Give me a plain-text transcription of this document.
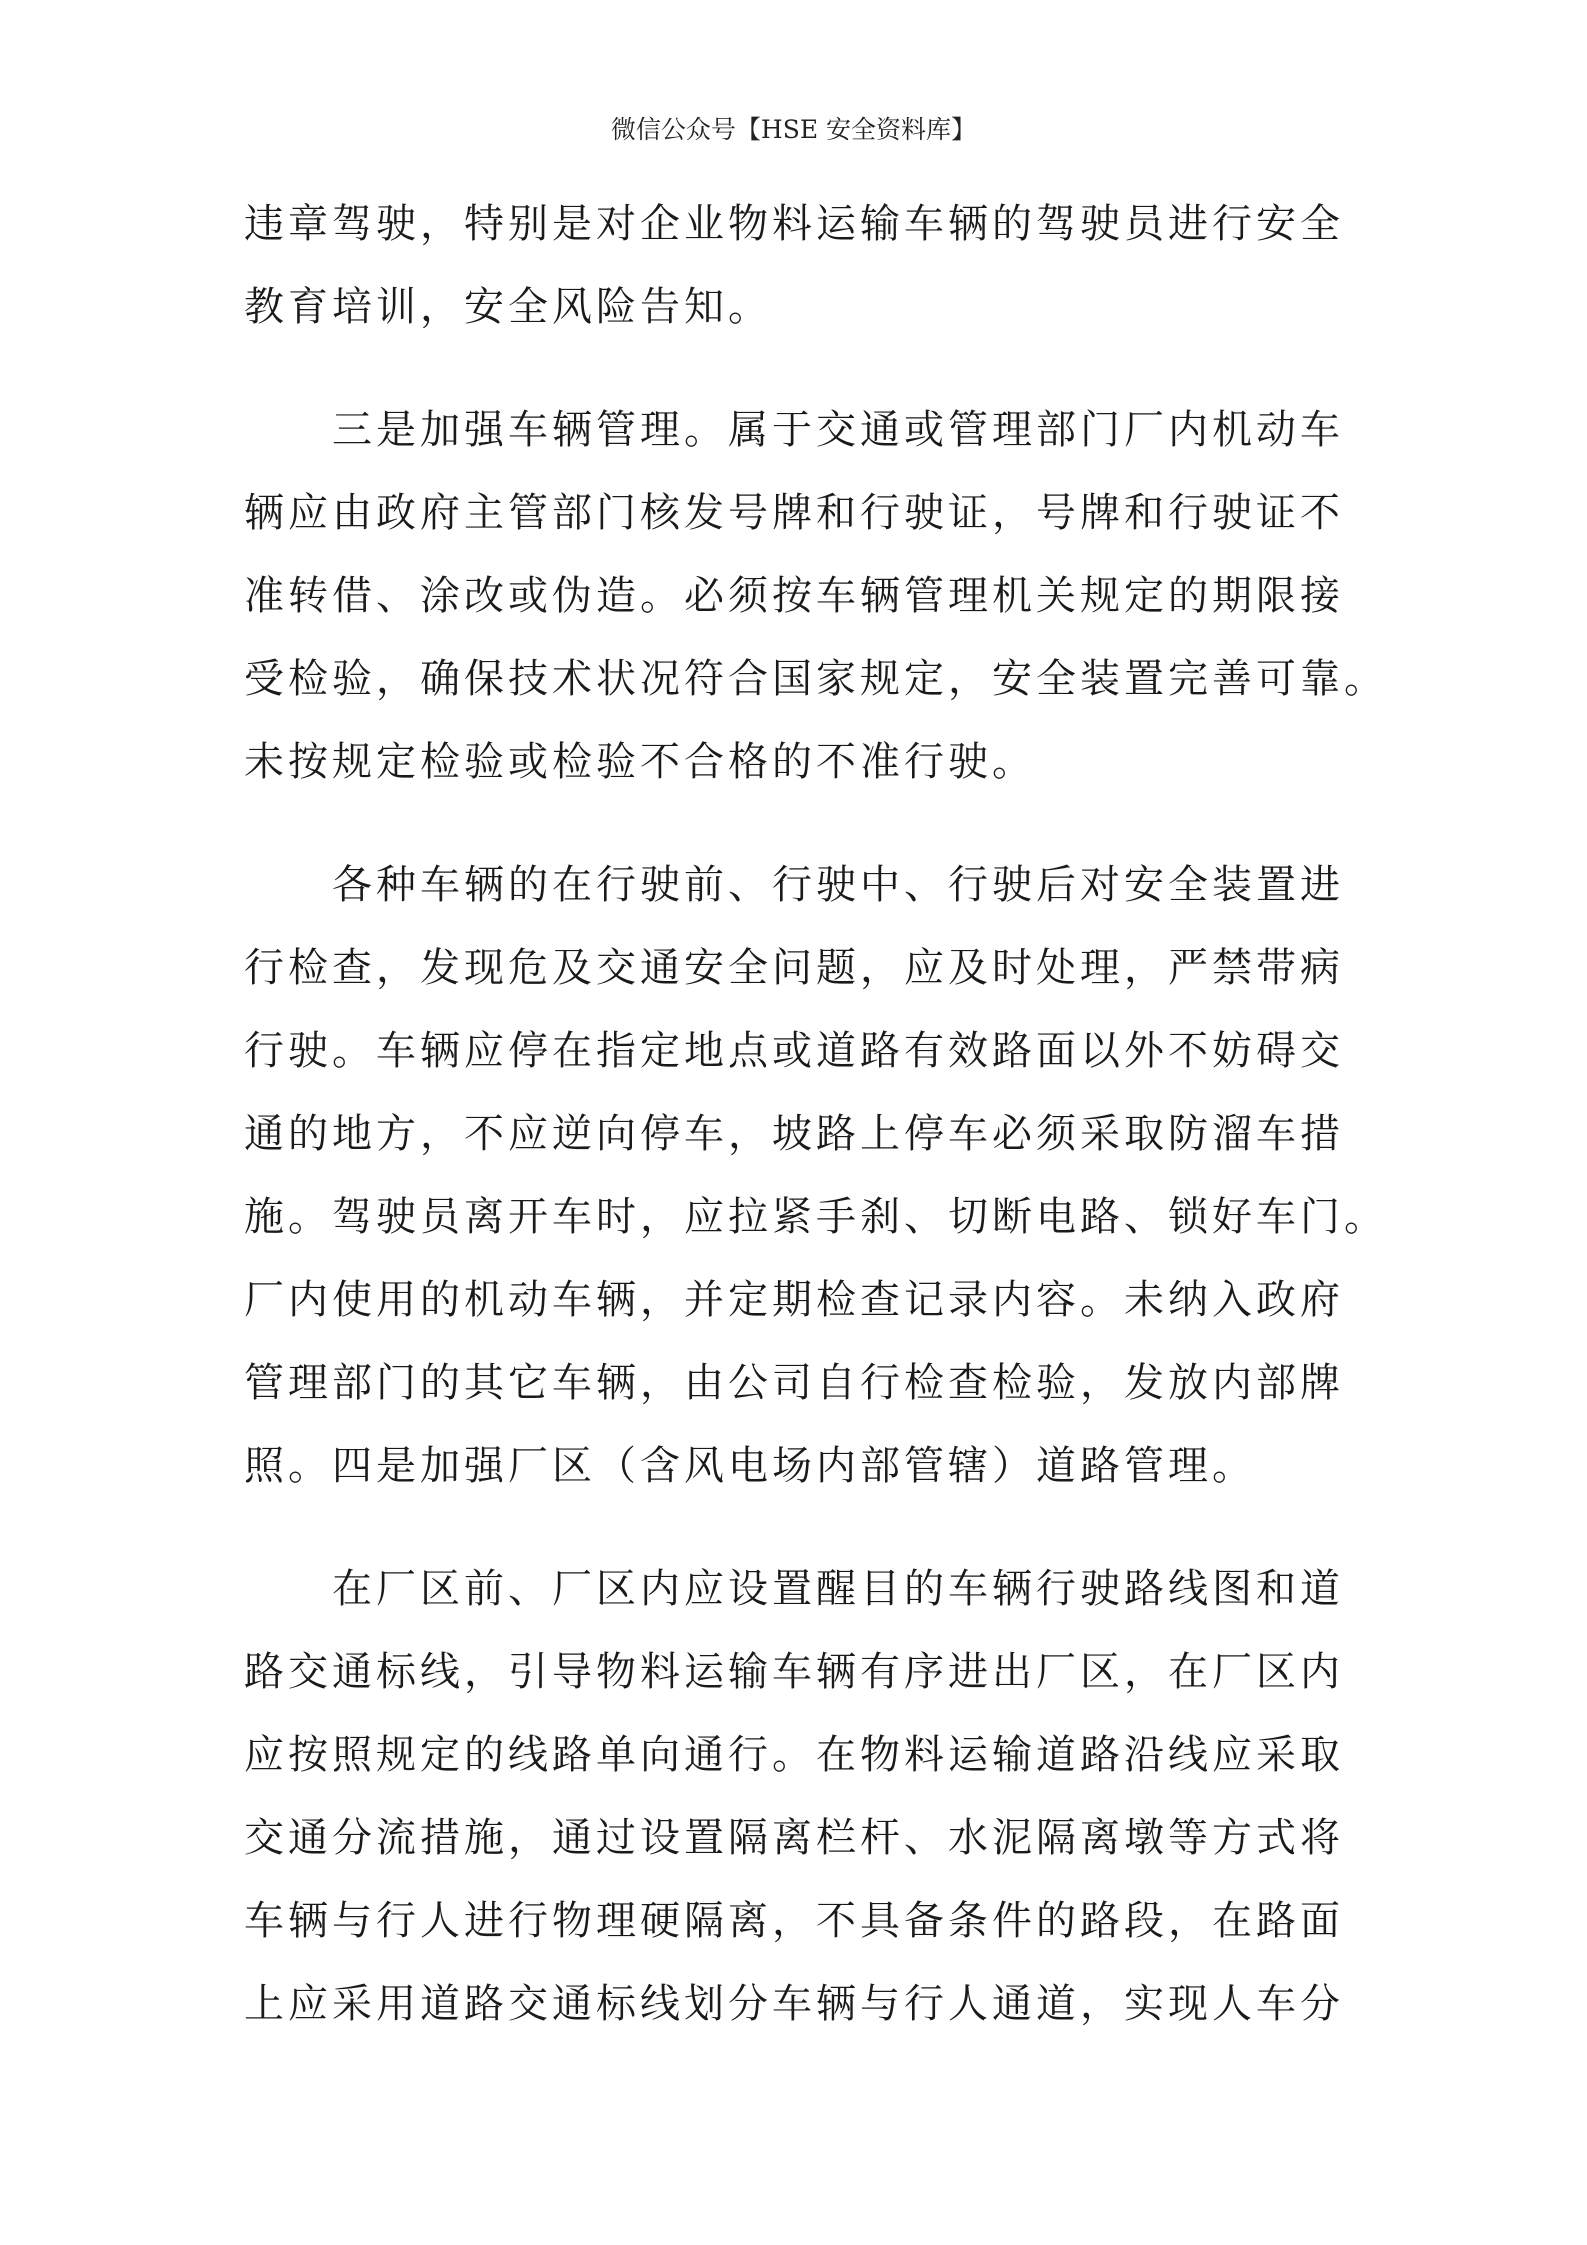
微信公众号【HSE 安全资料库】

违章驾驶，特别是对企业物料运输车辆的驾驶员进行安全
教育培训，安全风险告知。

三是加强车辆管理。属于交通或管理部门厂内机动车
辆应由政府主管部门核发号牌和行驶证，号牌和行驶证不
准转借、涂改或伪造。必须按车辆管理机关规定的期限接
受检验，确保技术状况符合国家规定，安全装置完善可靠。
未按规定检验或检验不合格的不准行驶。

各种车辆的在行驶前、行驶中、行驶后对安全装置进
行检查，发现危及交通安全问题，应及时处理，严禁带病
行驶。车辆应停在指定地点或道路有效路面以外不妨碍交
通的地方，不应逆向停车，坡路上停车必须采取防溜车措
施。驾驶员离开车时，应拉紧手刹、切断电路、锁好车门。
厂内使用的机动车辆，并定期检查记录内容。未纳入政府
管理部门的其它车辆，由公司自行检查检验，发放内部牌
照。四是加强厂区（含风电场内部管辖）道路管理。

在厂区前、厂区内应设置醒目的车辆行驶路线图和道
路交通标线，引导物料运输车辆有序进出厂区，在厂区内
应按照规定的线路单向通行。在物料运输道路沿线应采取
交通分流措施，通过设置隔离栏杆、水泥隔离墩等方式将
车辆与行人进行物理硬隔离，不具备条件的路段，在路面
上应采用道路交通标线划分车辆与行人通道，实现人车分
